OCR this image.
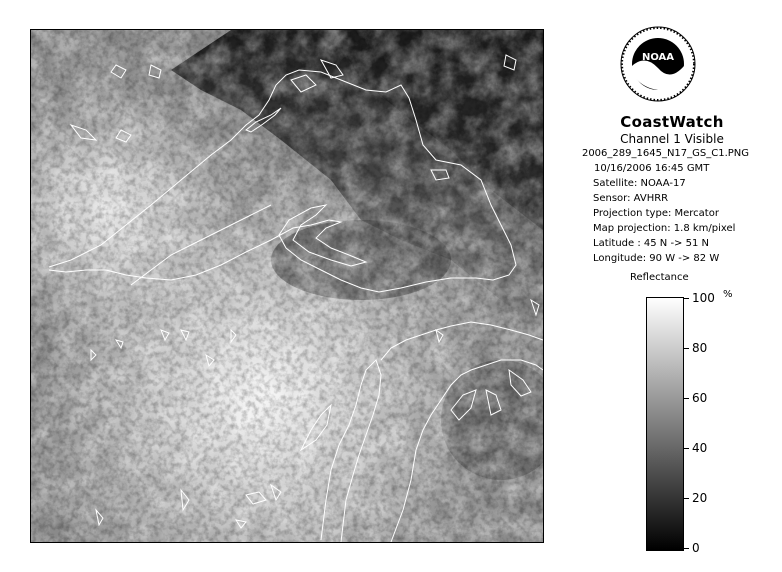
NOAA
CoastWatch
Channel 1 Visible
2006_289_1645_N17_GS_C1.PNG
10/16/2006 16:45 GMT
Satellite: NOAA-17
Sensor: AVHRR
Projection type: Mercator
Map projection: 1.8 km/pixel
Latitude : 45 N -> 51 N
Longitude: 90 W -> 82 W
Reflectance
%
100
80
60
40
20
0
